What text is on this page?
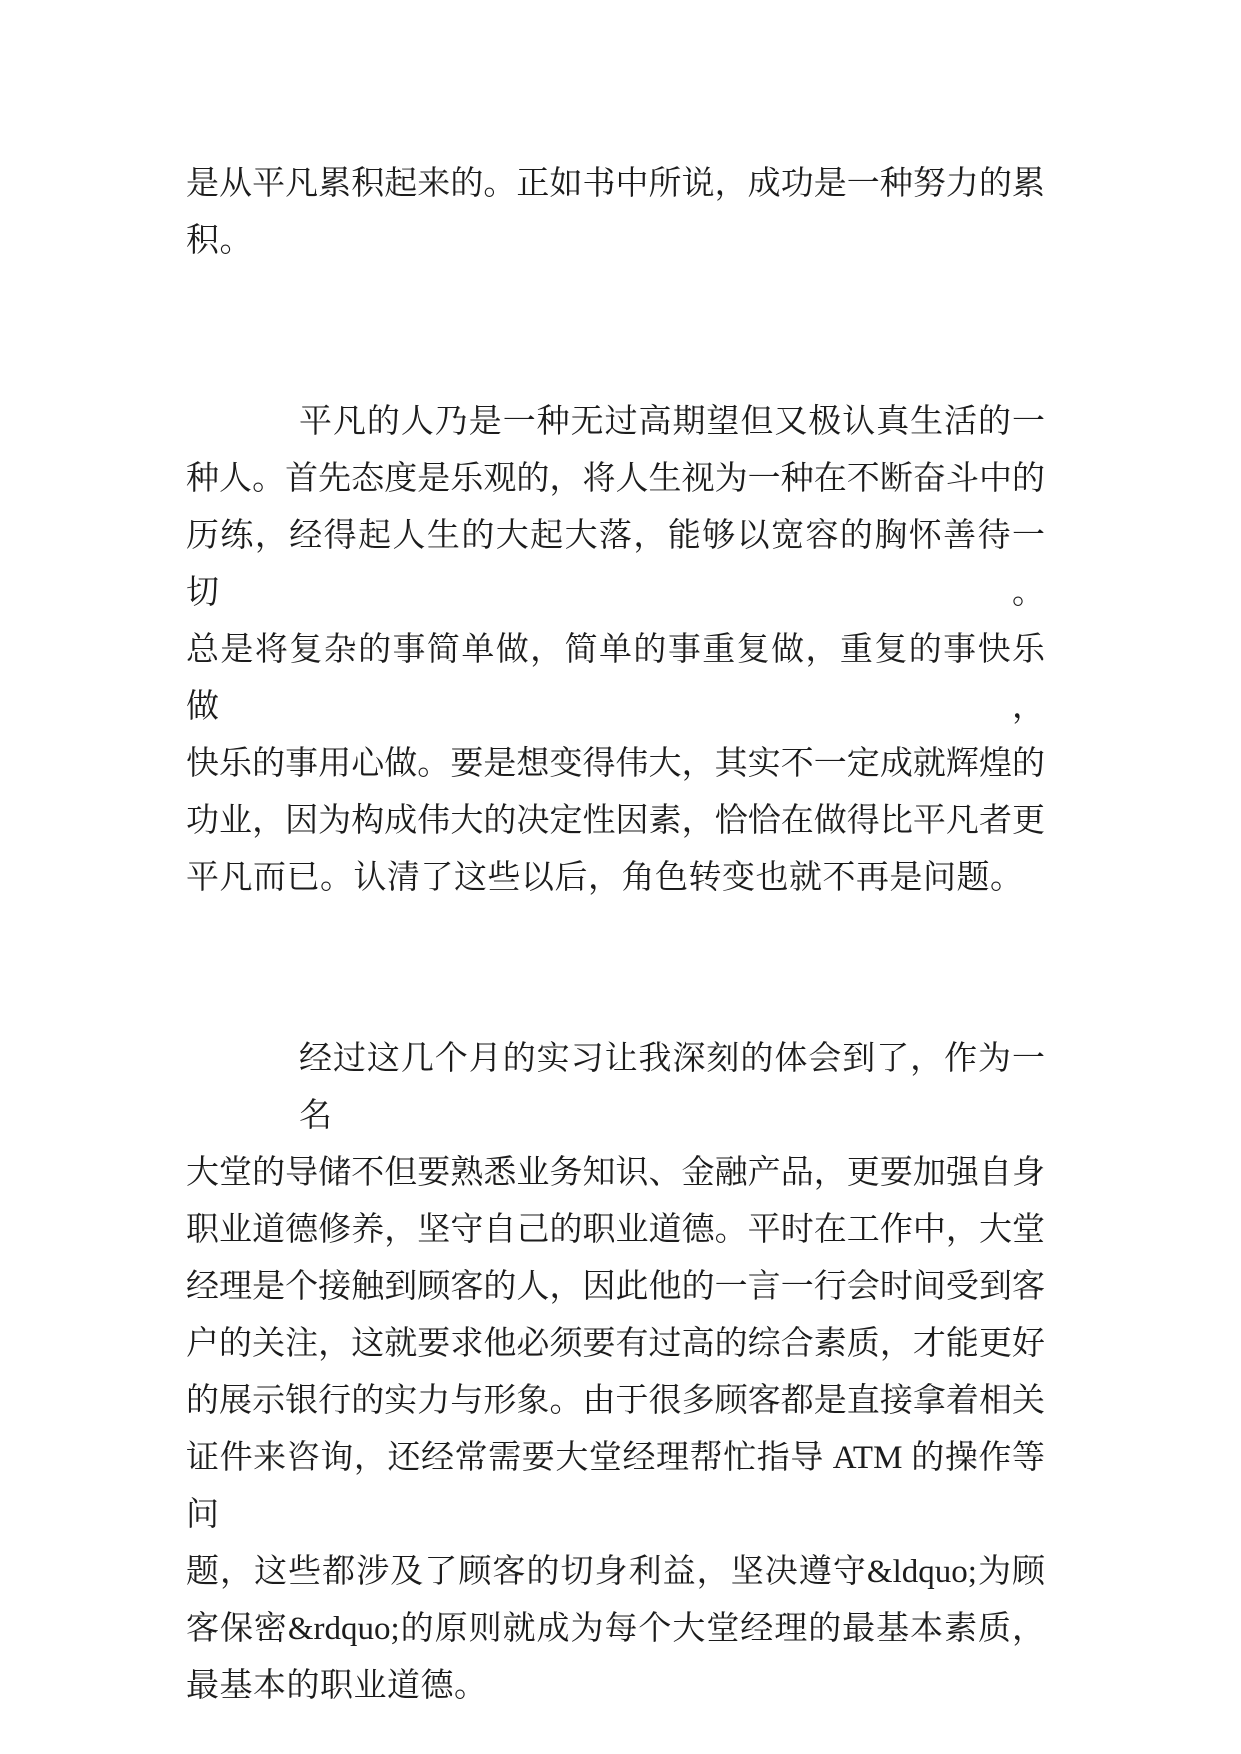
是从平凡累积起来的。正如书中所说，成功是一种努力的累
积。
平凡的人乃是一种无过高期望但又极认真生活的一
种人。首先态度是乐观的，将人生视为一种在不断奋斗中的
历练，经得起人生的大起大落，能够以宽容的胸怀善待一切。
总是将复杂的事简单做，简单的事重复做，重复的事快乐做，
快乐的事用心做。要是想变得伟大，其实不一定成就辉煌的
功业，因为构成伟大的决定性因素，恰恰在做得比平凡者更
平凡而已。认清了这些以后，角色转变也就不再是问题。
经过这几个月的实习让我深刻的体会到了，作为一名
大堂的导储不但要熟悉业务知识、金融产品，更要加强自身
职业道德修养，坚守自己的职业道德。平时在工作中，大堂
经理是个接触到顾客的人，因此他的一言一行会时间受到客
户的关注，这就要求他必须要有过高的综合素质，才能更好
的展示银行的实力与形象。由于很多顾客都是直接拿着相关
证件来咨询，还经常需要大堂经理帮忙指导 ATM 的操作等问
题，这些都涉及了顾客的切身利益，坚决遵守&ldquo;为顾
客保密&rdquo;的原则就成为每个大堂经理的最基本素质，
最基本的职业道德。
